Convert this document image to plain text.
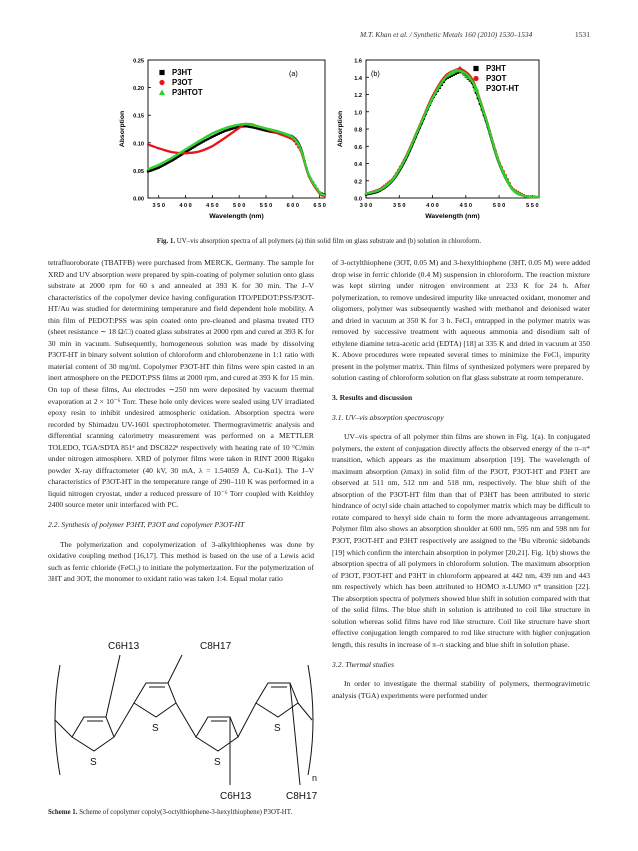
M.T. Khan et al. / Synthetic Metals 160 (2010) 1530–1534	1531
0.00
0.05
0.10
0.15
0.20
0.25
3 5 0	4 0 0	4 5 0	5 0 0	5 5 0	6 0 0	6 5 0
Wavelength (nm)
Absorption
(a)
P3HT
P3OT
P3HTOT
0.0
0.2
0.4
0.6
0.8
1.0
1.2
1.4
1.6
3 0 0	3 5 0	4 0 0	4 5 0	5 0 0	5 5 0
Wavelength (nm)
Absorption
(b)
P3HT
P3OT
P3OT-HT
Fig. 1. UV–vis absorption spectra of all polymers (a) thin solid film on glass substrate and (b) solution in chloroform.

tetrafluoroborate (TBATFB) were purchased from MERCK, Germany. The sample for XRD and UV absorption were prepared by spin-coating of polymer solution onto glass substrate at 2000 rpm for 60 s and annealed at 393 K for 30 min. The J–V characteristics of the copolymer device having configuration ITO/PEDOT:PSS/P3OT-HT/Au was studied for determining temperature and field dependent hole mobility. A thin film of PEDOT:PSS was spin coated onto pre-cleaned and plasma treated ITO (sheet resistance ∼ 18 Ω/□) coated glass substrates at 2000 rpm and cured at 393 K for 30 min in vacuum. Subsequently, homogeneous solution was made by dissolving P3OT-HT in binary solvent solution of chloroform and chlorobenzene in 1:1 ratio with material content of 30 mg/ml. Copolymer P3OT-HT thin films were spin casted in an inert atmosphere on the PEDOT:PSS films at 2000 rpm, and cured at 393 K for 15 min. On top of these films, Au electrodes ∼250 nm were deposited by vacuum thermal evaporation at 2 × 10⁻⁶ Torr. These hole only devices were sealed using UV irradiated epoxy resin to inhibit undesired atmospheric oxidation. Absorption spectra were recorded by Shimadzu UV-1601 spectrophotometer. Thermogravimetric analysis and differential scanning calorimetry measurement was performed on a METTLER TOLEDO, TGA/SDTA 851ᵉ and DSC822ᵉ respectively with heating rate of 10 °C/min under nitrogen atmosphere. XRD of polymer films were taken in RINT 2000 Rigaku powder X-ray diffractometer (40 kV, 30 mA, λ = 1.54059 Å, Cu-Kα1). The J–V characteristics of P3OT-HT in the temperature range of 290–110 K was performed in a liquid nitrogen cryostat, under a reduced pressure of 10⁻⁶ Torr coupled with Keithley 2400 source meter unit interfaced with PC.

2.2. Synthesis of polymer P3HT, P3OT and copolymer P3OT-HT

The polymerization and copolymerization of 3-alkylthiophenes was done by oxidative coupling method [16,17]. This method is based on the use of a Lewis acid such as ferric chloride (FeCl₃) to initiate the polymerization. For the polymerization of 3HT and 3OT, the monomer to oxidant ratio was taken 1:4. Equal molar ratio

C6H13	C8H17
C6H13	C8H17
S
S
S
S
n
Scheme 1. Scheme of copolymer copoly(3-octylthiophene-3-hexylthiophene) P3OT-HT.

of 3-octylthiophene (3OT, 0.05 M) and 3-hexylthiophene (3HT, 0.05 M) were added drop wise in ferric chloride (0.4 M) suspension in chloroform. The reaction mixture was kept stirring under nitrogen environment at 233 K for 24 h. After polymerization, to remove undesired impurity like unreacted oxidant, monomer and oligomers, polymer was subsequently washed with methanol and deionised water and dried in vacuum at 350 K for 3 h. FeCl₃ entrapped in the polymer matrix was removed by successive treatment with aqueous ammonia and disodium salt of ethylene diamine tetra-acetic acid (EDTA) [18] at 335 K and dried in vacuum at 350 K. Above procedures were repeated several times to minimize the FeCl₃ impurity present in the polymer matrix. Thin films of synthesized polymers were prepared by solution casting of chloroform solution on flat glass substrate at room temperature.

3. Results and discussion

3.1. UV–vis absorption spectroscopy

UV–vis spectra of all polymer thin films are shown in Fig. 1(a). In conjugated polymers, the extent of conjugation directly affects the observed energy of the π–π* transition, which appears as the maximum absorption [19]. The wavelength of maximum absorption (λmax) in solid film of the P3OT, P3OT-HT and P3HT are observed at 511 nm, 512 nm and 518 nm, respectively. The blue shift of the absorption of the P3OT-HT film than that of P3HT has been attributed to steric hindrance of octyl side chain attached to copolymer matrix which may be difficult to rotate compared to hexyl side chain to form the more advantageous arrangement. Polymer film also shows an absorption shoulder at 600 nm, 595 nm and 598 nm for P3OT, P3OT-HT and P3HT respectively are assigned to the ¹Bu vibronic sidebands [19] which confirm the interchain absorption in polymer [20,21]. Fig. 1(b) shows the absorption spectra of all polymers in chloroform solution. The maximum absorption of P3OT, P3OT-HT and P3HT in chloroform appeared at 442 nm, 439 nm and 443 nm respectively which has been attributed to HOMO π-LUMO π* transition [22]. The absorption spectra of polymers showed blue shift in solution compared with that of the solid films. The blue shift in solution is attributed to coil like structure in solution whereas solid films have rod like structure. Coil like structure have short effective conjugation length compared to rod like structure with higher conjugation length, this results in increase of π–π stacking and blue shift in solution phase.

3.2. Thermal studies

In order to investigate the thermal stability of polymers, thermogravimetric analysis (TGA) experiments were performed under
